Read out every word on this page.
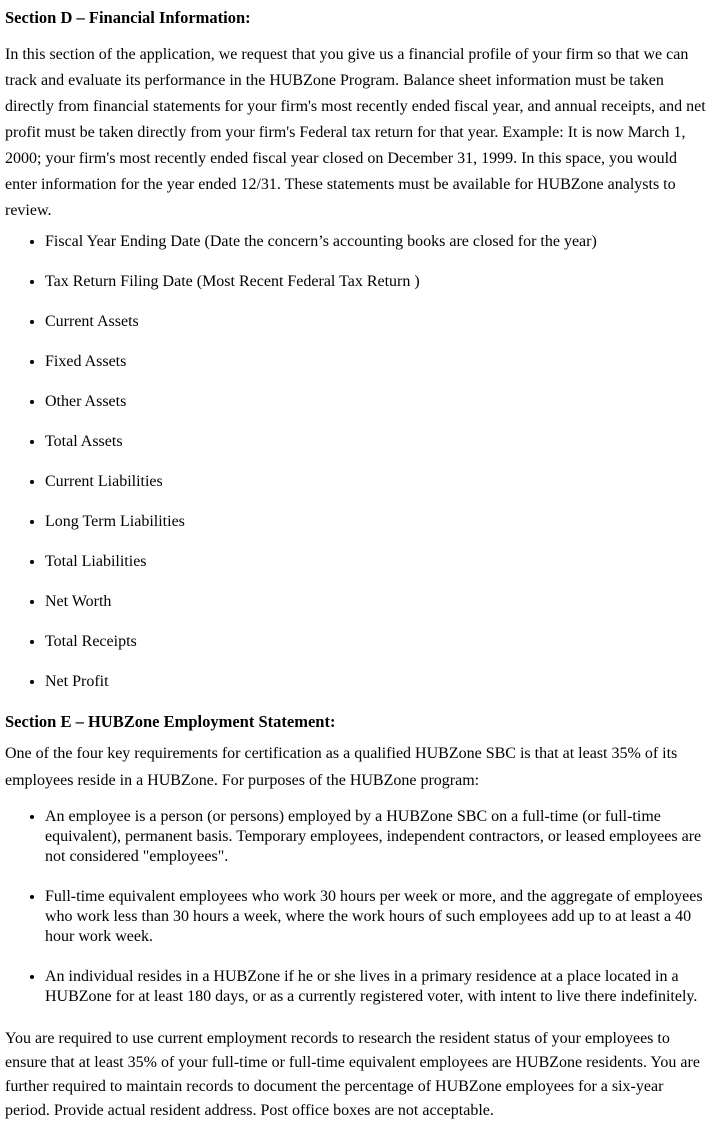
Section D – Financial Information:

In this section of the application, we request that you give us a financial profile of your firm so that we can track and evaluate its performance in the HUBZone Program. Balance sheet information must be taken directly from financial statements for your firm's most recently ended fiscal year, and annual receipts, and net profit must be taken directly from your firm's Federal tax return for that year. Example: It is now March 1, 2000; your firm's most recently ended fiscal year closed on December 31, 1999. In this space, you would enter information for the year ended 12/31. These statements must be available for HUBZone analysts to review.

• Fiscal Year Ending Date (Date the concern’s accounting books are closed for the year)
• Tax Return Filing Date (Most Recent Federal Tax Return )
• Current Assets
• Fixed Assets
• Other Assets
• Total Assets
• Current Liabilities
• Long Term Liabilities
• Total Liabilities
• Net Worth
• Total Receipts
• Net Profit

Section E – HUBZone Employment Statement:

One of the four key requirements for certification as a qualified HUBZone SBC is that at least 35% of its employees reside in a HUBZone. For purposes of the HUBZone program:

• An employee is a person (or persons) employed by a HUBZone SBC on a full-time (or full-time equivalent), permanent basis. Temporary employees, independent contractors, or leased employees are not considered "employees".
• Full-time equivalent employees who work 30 hours per week or more, and the aggregate of employees who work less than 30 hours a week, where the work hours of such employees add up to at least a 40 hour work week.
• An individual resides in a HUBZone if he or she lives in a primary residence at a place located in a HUBZone for at least 180 days, or as a currently registered voter, with intent to live there indefinitely.

You are required to use current employment records to research the resident status of your employees to ensure that at least 35% of your full-time or full-time equivalent employees are HUBZone residents. You are further required to maintain records to document the percentage of HUBZone employees for a six-year period. Provide actual resident address. Post office boxes are not acceptable.
